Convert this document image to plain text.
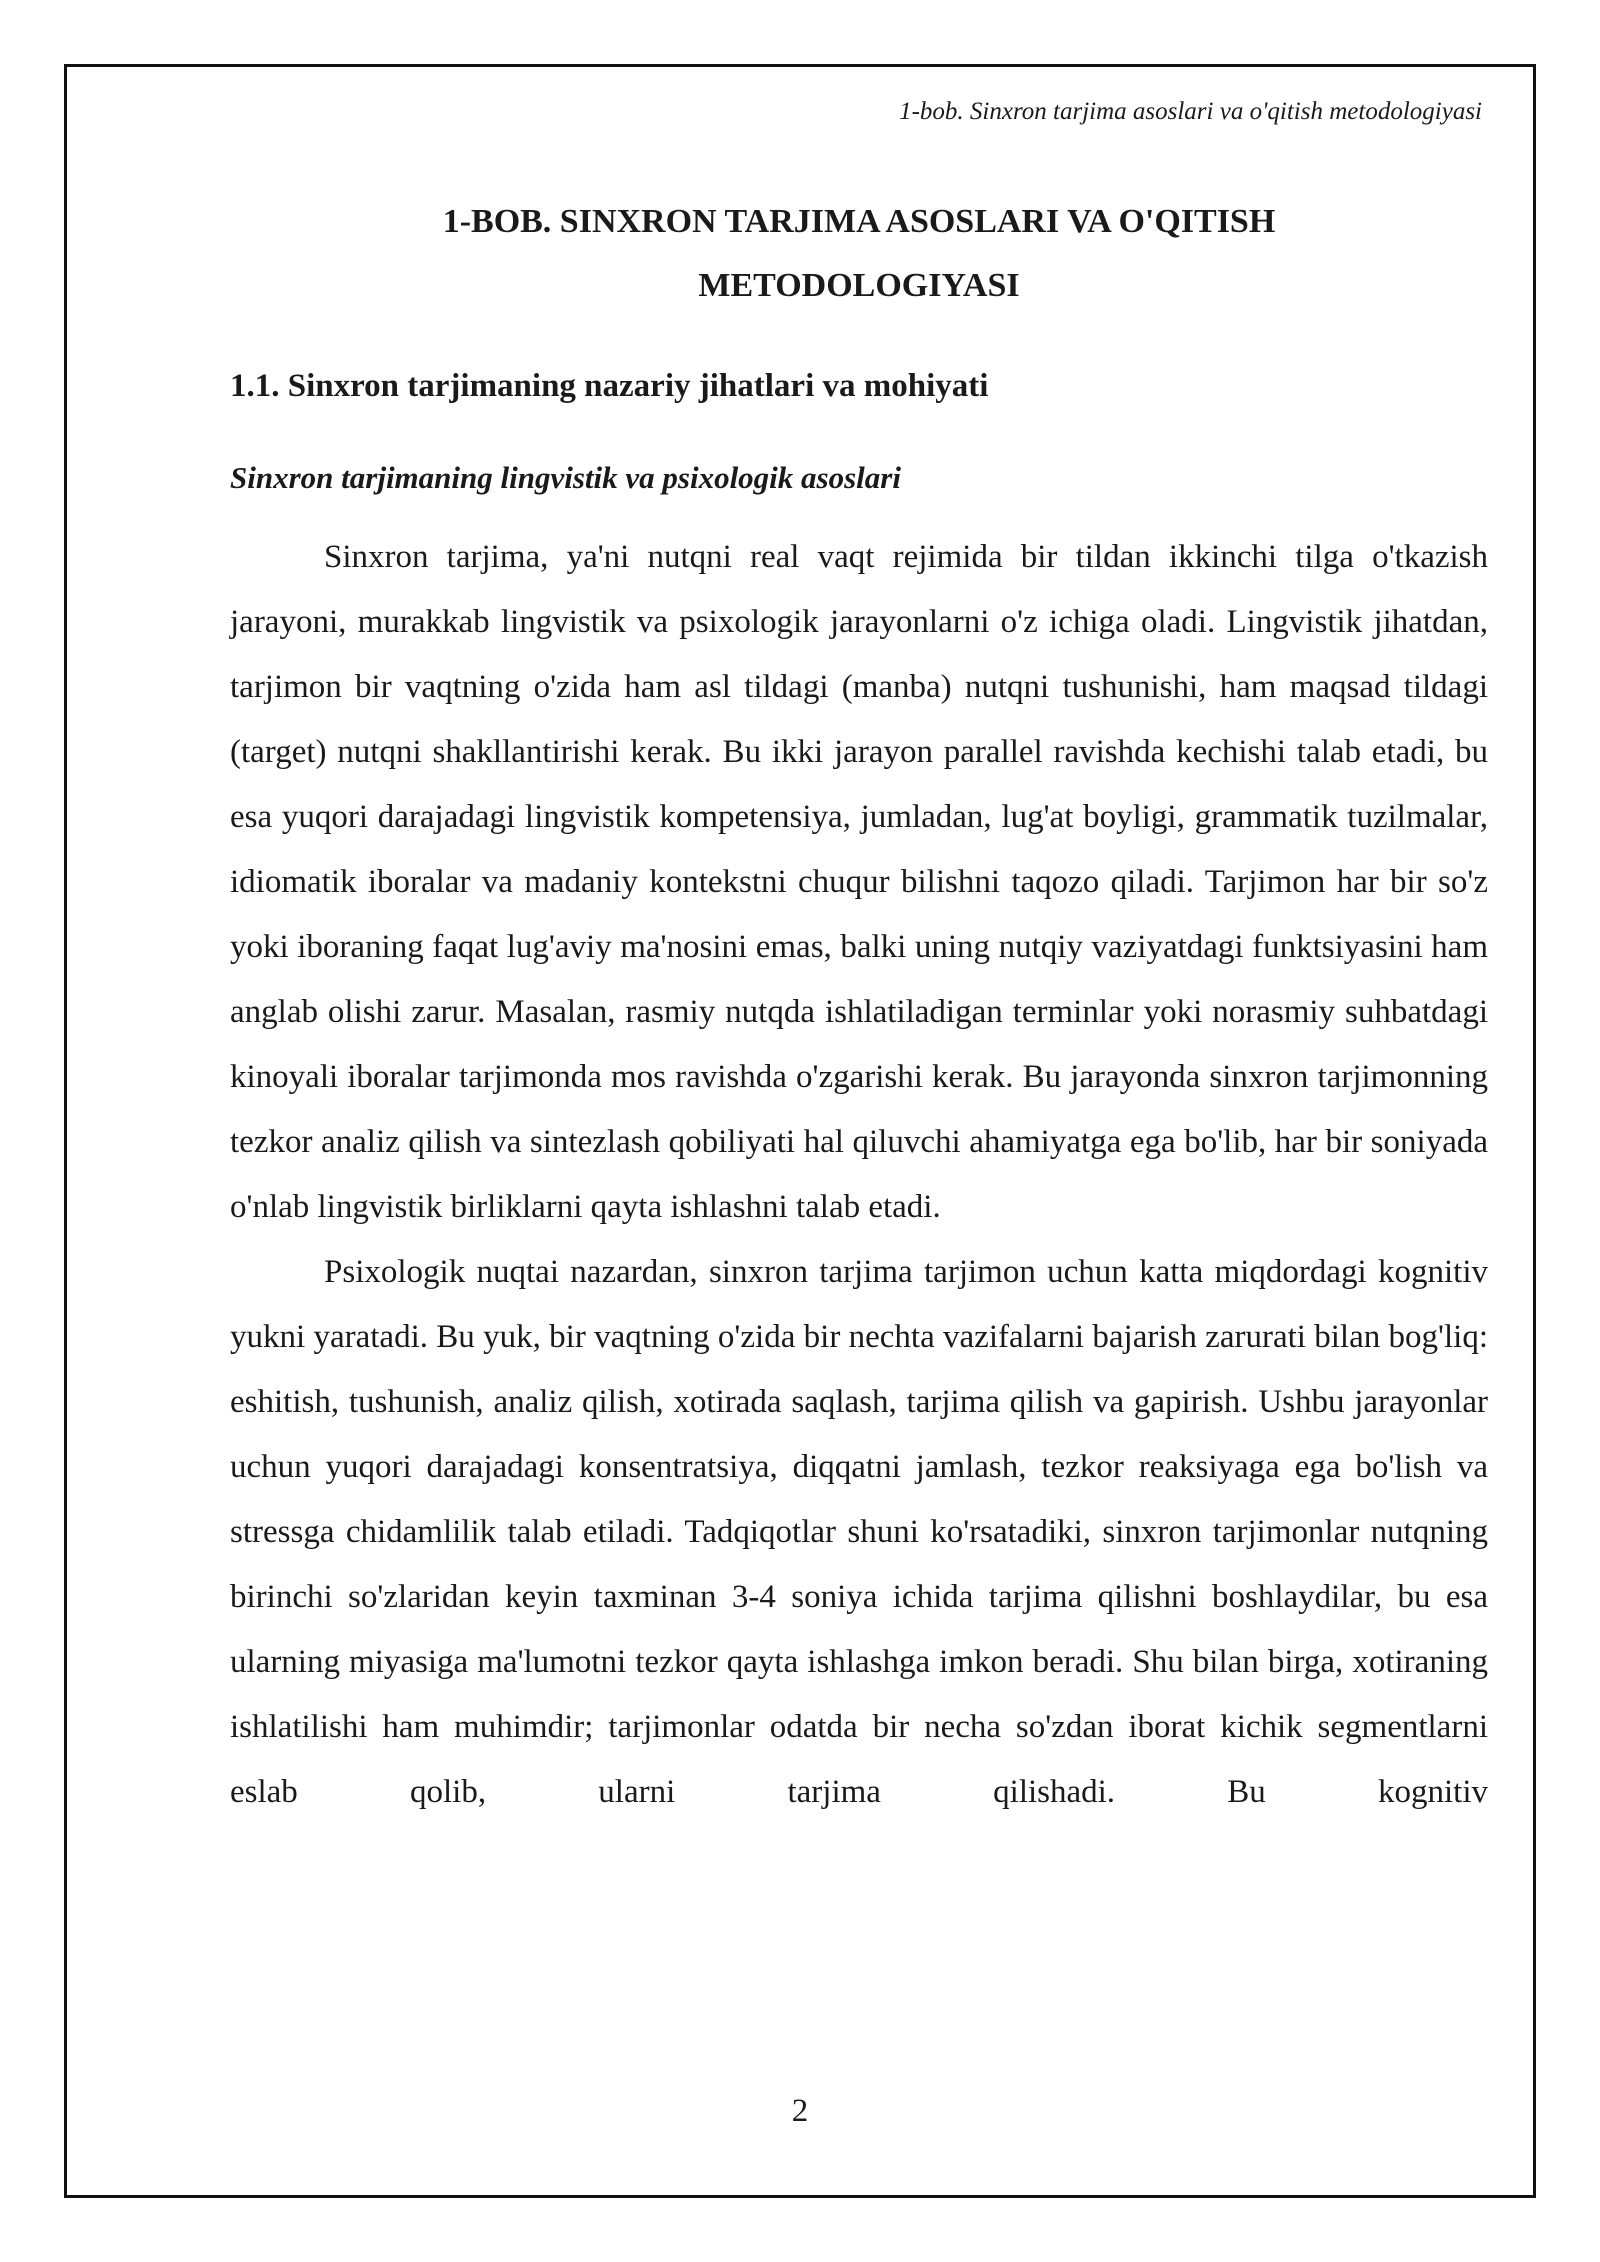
1-bob. Sinxron tarjima asoslari va o'qitish metodologiyasi
1-BOB. SINXRON TARJIMA ASOSLARI VA O'QITISH
METODOLOGIYASI
1.1. Sinxron tarjimaning nazariy jihatlari va mohiyati
Sinxron tarjimaning lingvistik va psixologik asoslari

Sinxron tarjima, ya'ni nutqni real vaqt rejimida bir tildan ikkinchi tilga o'tkazish jarayoni, murakkab lingvistik va psixologik jarayonlarni o'z ichiga oladi. Lingvistik jihatdan, tarjimon bir vaqtning o'zida ham asl tildagi (manba) nutqni tushunishi, ham maqsad tildagi (target) nutqni shakllantirishi kerak. Bu ikki jarayon parallel ravishda kechishi talab etadi, bu esa yuqori darajadagi lingvistik kompetensiya, jumladan, lug'at boyligi, grammatik tuzilmalar, idiomatik iboralar va madaniy kontekstni chuqur bilishni taqozo qiladi. Tarjimon har bir so'z yoki iboraning faqat lug'aviy ma'nosini emas, balki uning nutqiy vaziyatdagi funktsiyasini ham anglab olishi zarur. Masalan, rasmiy nutqda ishlatiladigan terminlar yoki norasmiy suhbatdagi kinoyali iboralar tarjimonda mos ravishda o'zgarishi kerak. Bu jarayonda sinxron tarjimonning tezkor analiz qilish va sintezlash qobiliyati hal qiluvchi ahamiyatga ega bo'lib, har bir soniyada o'nlab lingvistik birliklarni qayta ishlashni talab etadi.

Psixologik nuqtai nazardan, sinxron tarjima tarjimon uchun katta miqdordagi kognitiv yukni yaratadi. Bu yuk, bir vaqtning o'zida bir nechta vazifalarni bajarish zarurati bilan bog'liq: eshitish, tushunish, analiz qilish, xotirada saqlash, tarjima qilish va gapirish. Ushbu jarayonlar uchun yuqori darajadagi konsentratsiya, diqqatni jamlash, tezkor reaksiyaga ega bo'lish va stressga chidamlilik talab etiladi. Tadqiqotlar shuni ko'rsatadiki, sinxron tarjimonlar nutqning birinchi so'zlaridan keyin taxminan 3-4 soniya ichida tarjima qilishni boshlaydilar, bu esa ularning miyasiga ma'lumotni tezkor qayta ishlashga imkon beradi. Shu bilan birga, xotiraning ishlatilishi ham muhimdir; tarjimonlar odatda bir necha so'zdan iborat kichik segmentlarni eslab qolib, ularni tarjima qilishadi. Bu kognitiv

2
